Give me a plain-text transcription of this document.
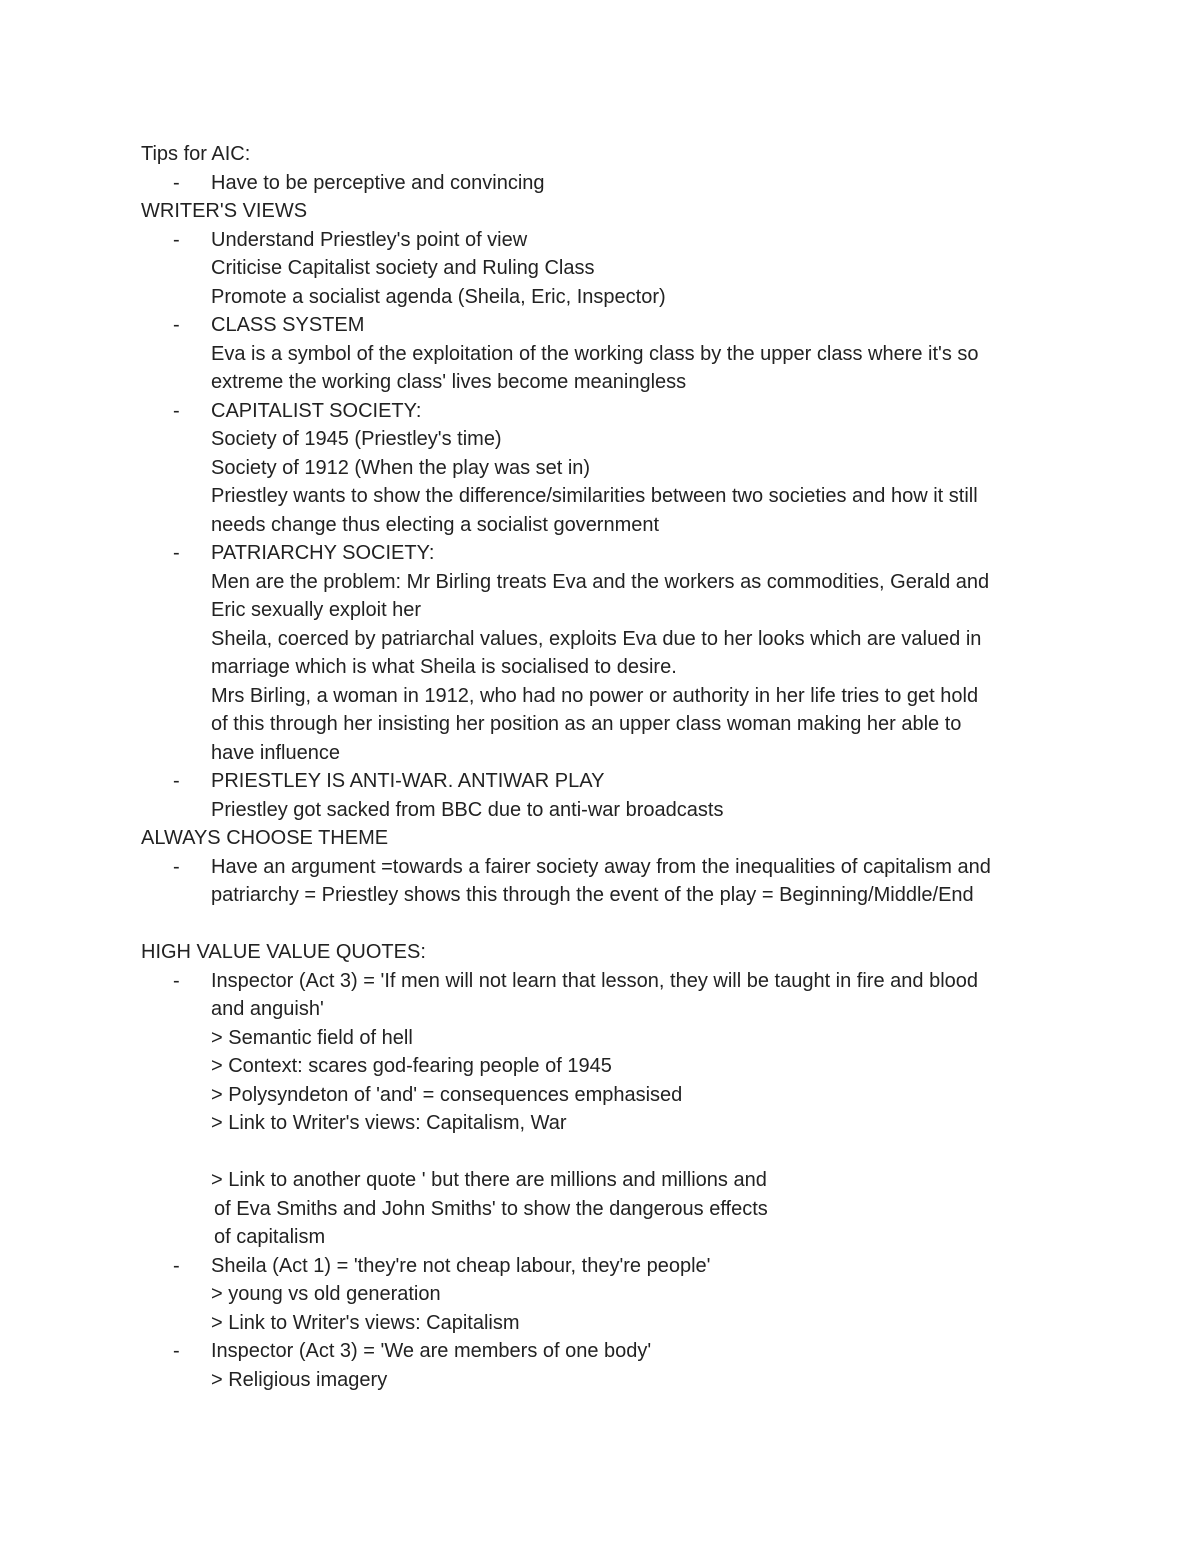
Tips for AIC:

- Have to be perceptive and convincing

WRITER'S VIEWS

- Understand Priestley's point of view

Criticise Capitalist society and Ruling Class

Promote a socialist agenda (Sheila, Eric, Inspector)

- CLASS SYSTEM

Eva is a symbol of the exploitation of the working class by the upper class where it's so

extreme the working class' lives become meaningless

- CAPITALIST SOCIETY:

Society of 1945 (Priestley's time)

Society of 1912 (When the play was set in)

Priestley wants to show the difference/similarities between two societies and how it still

needs change thus electing a socialist government

- PATRIARCHY SOCIETY:

Men are the problem: Mr Birling treats Eva and the workers as commodities, Gerald and

Eric sexually exploit her

Sheila, coerced by patriarchal values, exploits Eva due to her looks which are valued in

marriage which is what Sheila is socialised to desire.

Mrs Birling, a woman in 1912, who had no power or authority in her life tries to get hold

of this through her insisting her position as an upper class woman making her able to

have influence

- PRIESTLEY IS ANTI-WAR. ANTIWAR PLAY

Priestley got sacked from BBC due to anti-war broadcasts

ALWAYS CHOOSE THEME

- Have an argument =towards a fairer society away from the inequalities of capitalism and

patriarchy = Priestley shows this through the event of the play = Beginning/Middle/End

HIGH VALUE VALUE QUOTES:

- Inspector (Act 3) = 'If men will not learn that lesson, they will be taught in fire and blood

and anguish'

> Semantic field of hell

> Context: scares god-fearing people of 1945

> Polysyndeton of 'and' = consequences emphasised

> Link to Writer's views: Capitalism, War

> Link to another quote ' but there are millions and millions and

of Eva Smiths and John Smiths' to show the dangerous effects

of capitalism

- Sheila (Act 1) = 'they're not cheap labour, they're people'

> young vs old generation

> Link to Writer's views: Capitalism

- Inspector (Act 3) = 'We are members of one body'

> Religious imagery
